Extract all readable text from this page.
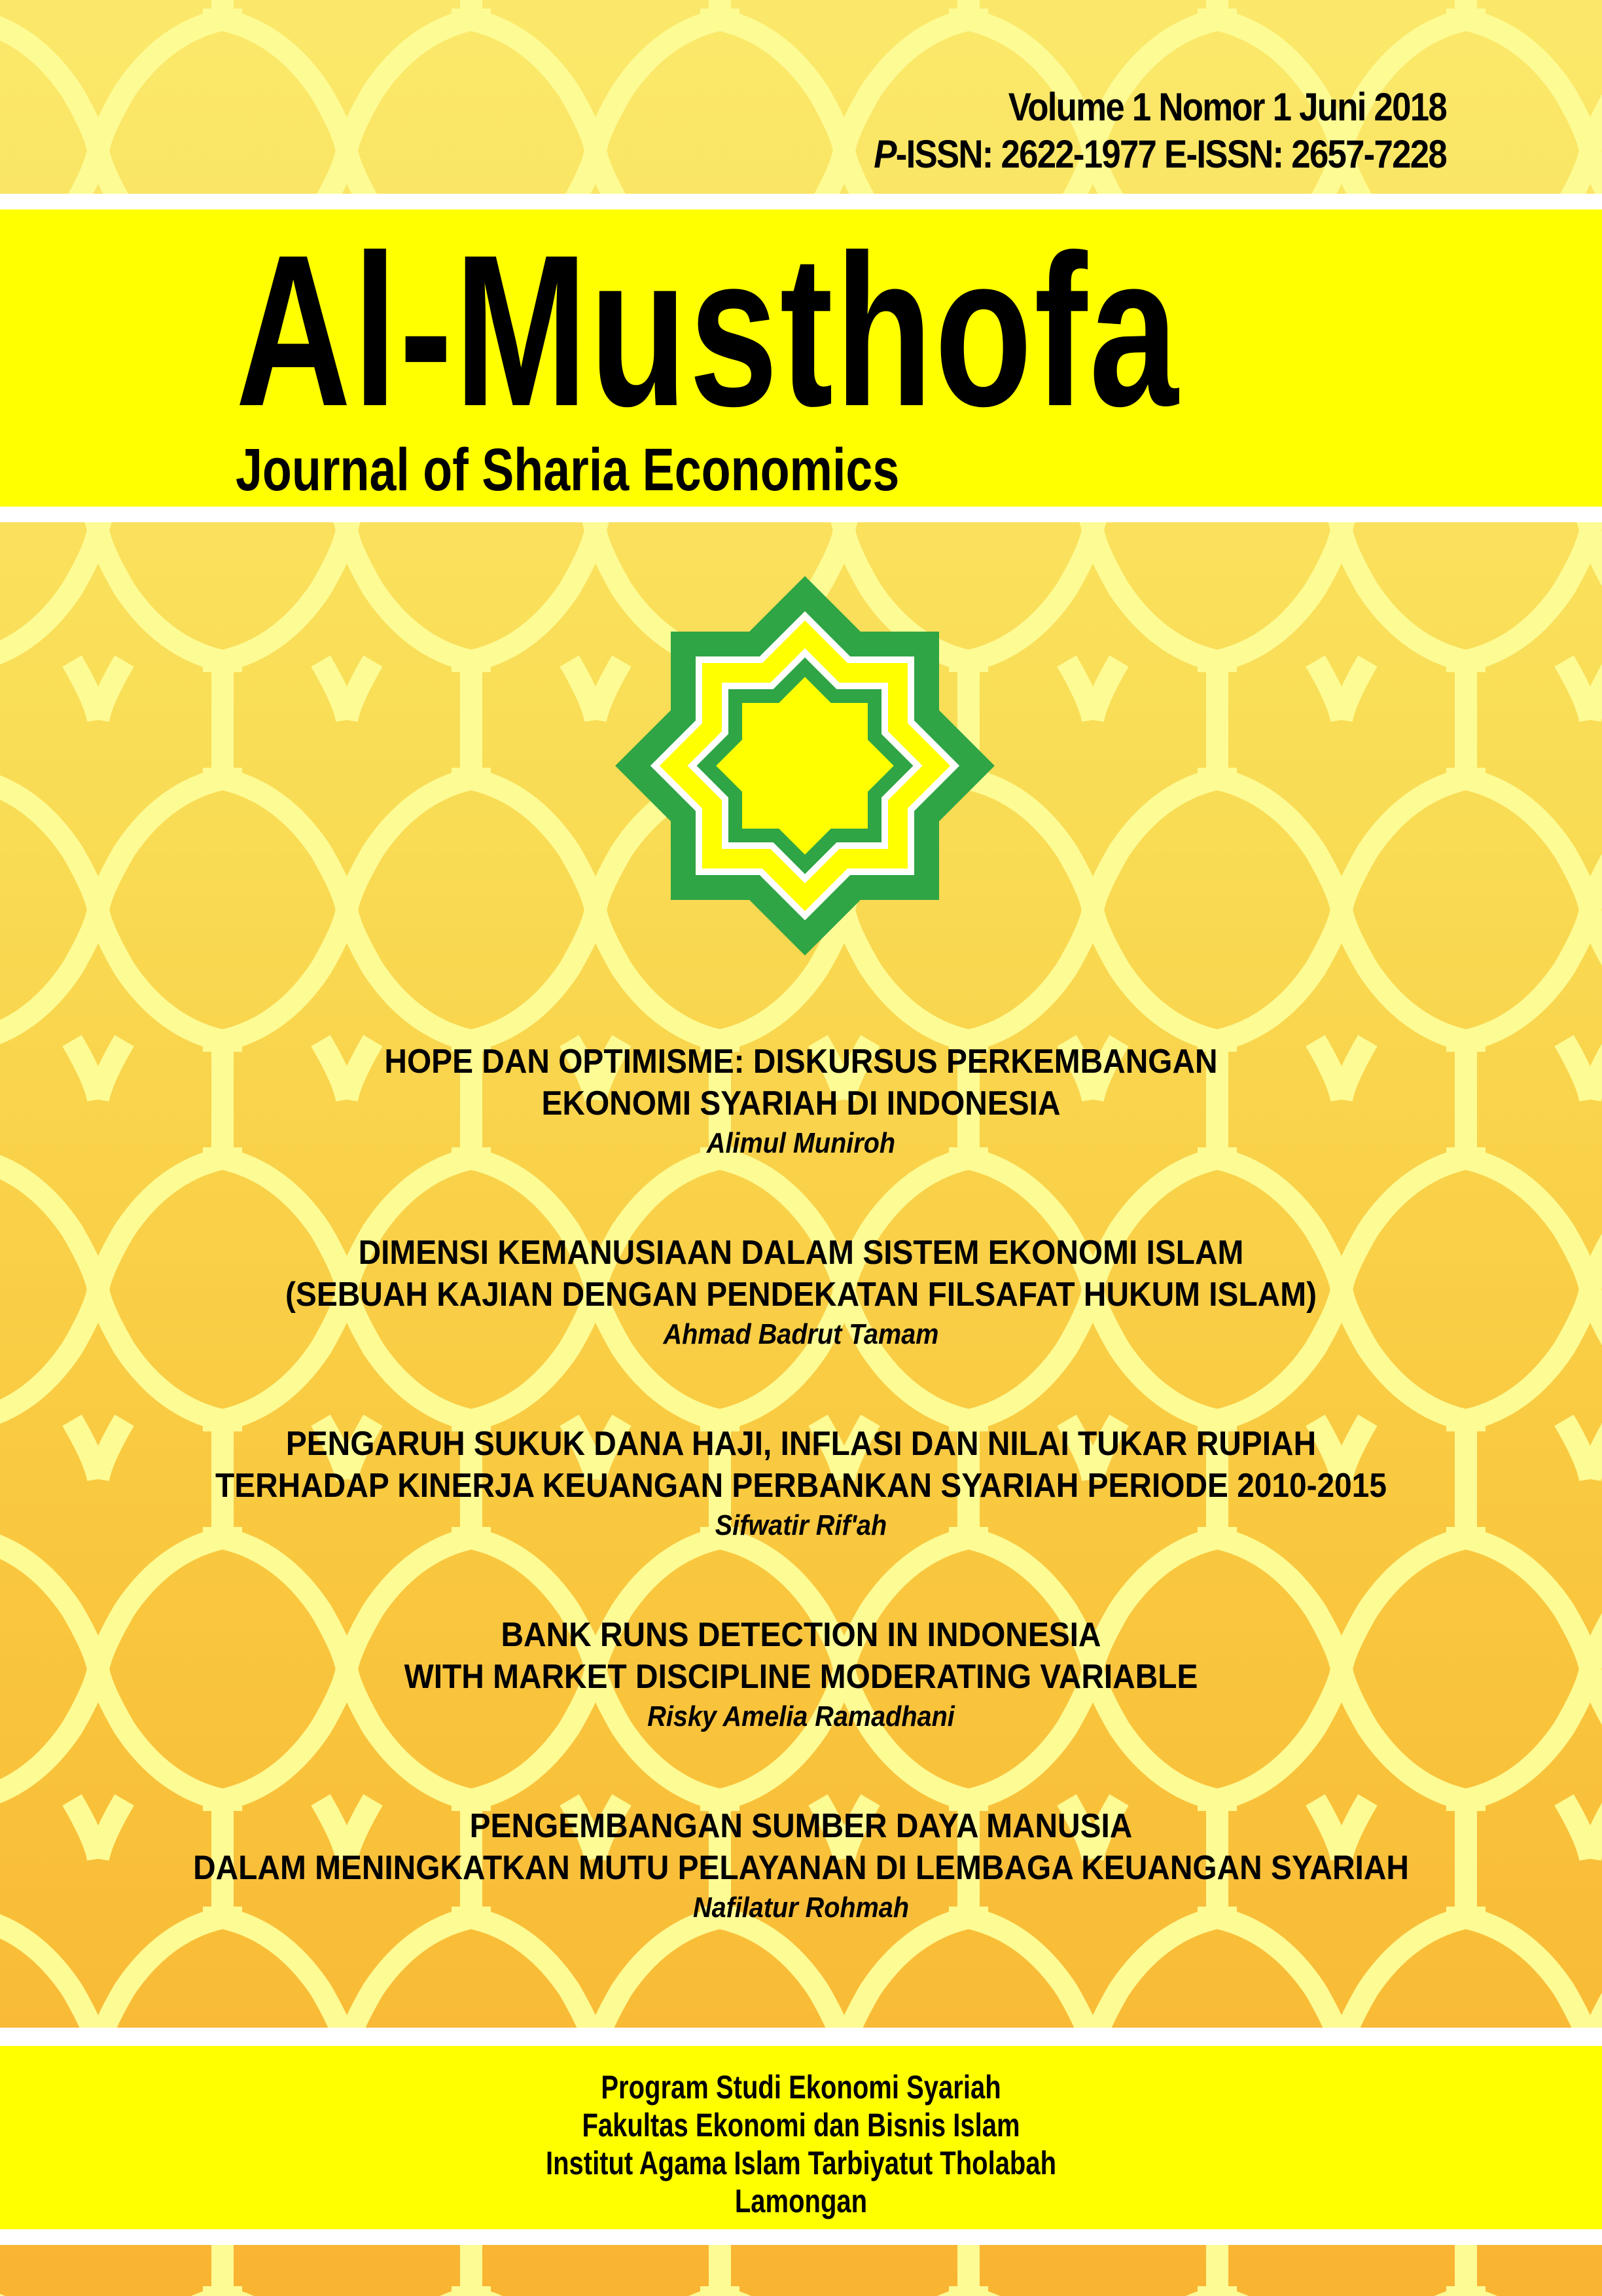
Volume 1 Nomor 1 Juni 2018
P-ISSN: 2622-1977 E-ISSN: 2657-7228
Al-Musthofa
Journal of Sharia Economics
HOPE DAN OPTIMISME: DISKURSUS PERKEMBANGAN
EKONOMI SYARIAH DI INDONESIA
Alimul Muniroh
DIMENSI KEMANUSIAAN DALAM SISTEM EKONOMI ISLAM
(SEBUAH KAJIAN DENGAN PENDEKATAN FILSAFAT HUKUM ISLAM)
Ahmad Badrut Tamam
PENGARUH SUKUK DANA HAJI, INFLASI DAN NILAI TUKAR RUPIAH
TERHADAP KINERJA KEUANGAN PERBANKAN SYARIAH PERIODE 2010-2015
Sifwatir Rif'ah
BANK RUNS DETECTION IN INDONESIA
WITH MARKET DISCIPLINE MODERATING VARIABLE
Risky Amelia Ramadhani
PENGEMBANGAN SUMBER DAYA MANUSIA
DALAM MENINGKATKAN MUTU PELAYANAN DI LEMBAGA KEUANGAN SYARIAH
Nafilatur Rohmah
Program Studi Ekonomi Syariah
Fakultas Ekonomi dan Bisnis Islam
Institut Agama Islam Tarbiyatut Tholabah
Lamongan
